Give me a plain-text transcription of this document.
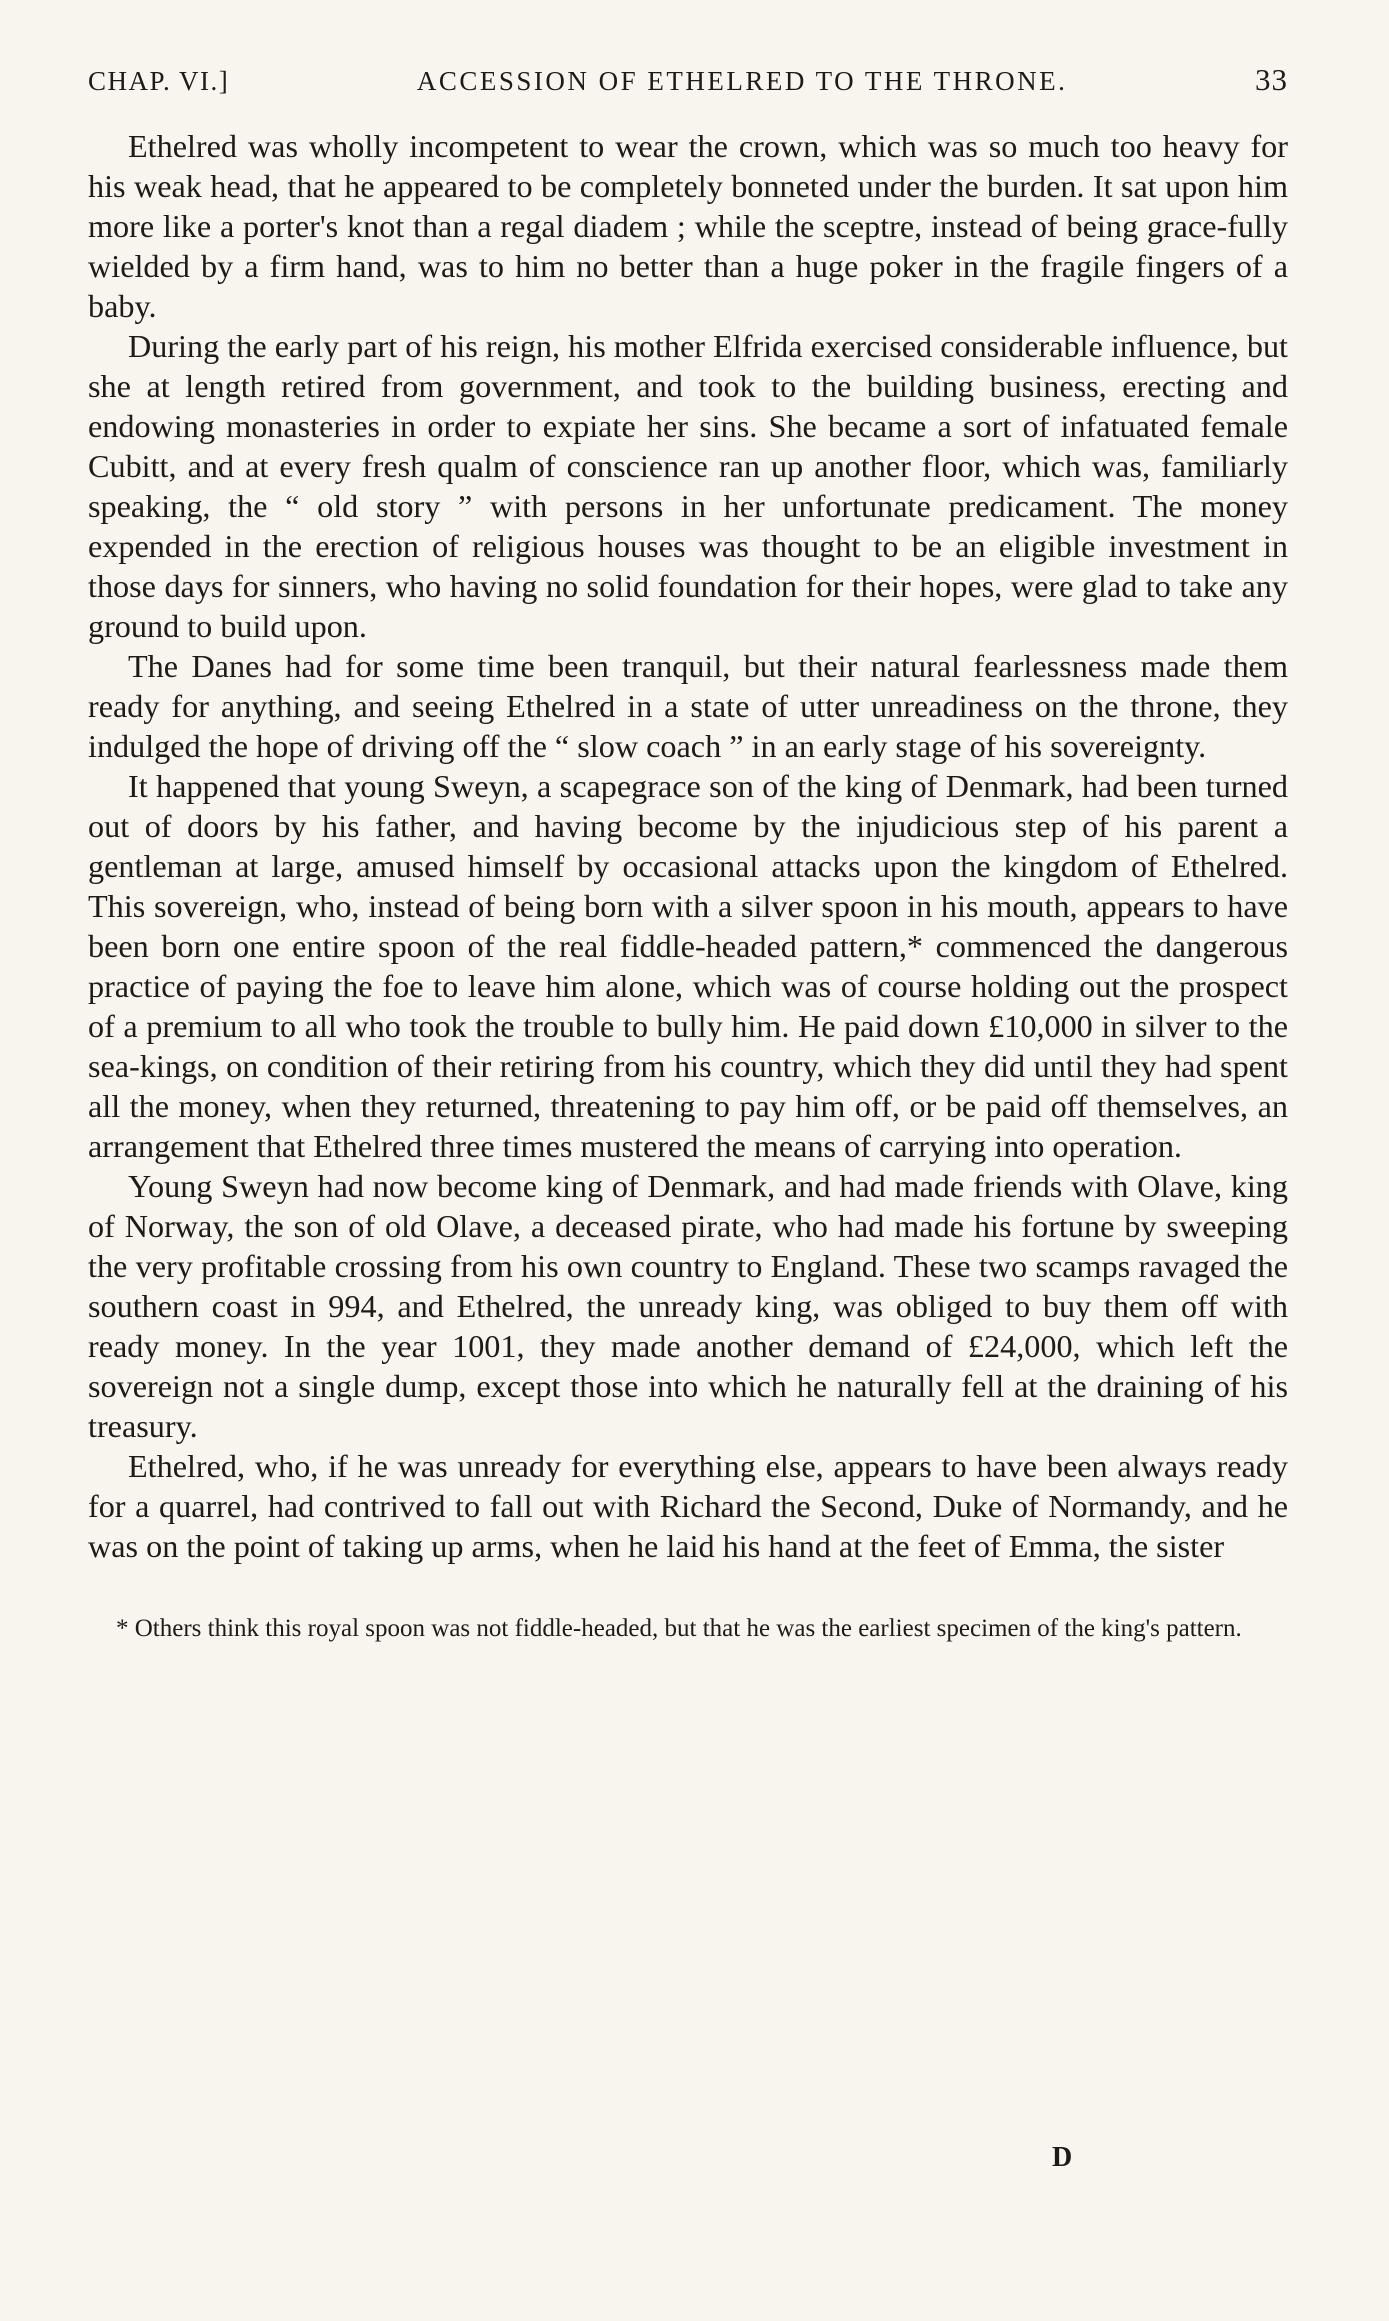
CHAP. VI.]	ACCESSION OF ETHELRED TO THE THRONE.	33

Ethelred was wholly incompetent to wear the crown, which was so much too heavy for his weak head, that he appeared to be completely bonneted under the burden. It sat upon him more like a porter's knot than a regal diadem ; while the sceptre, instead of being grace-fully wielded by a firm hand, was to him no better than a huge poker in the fragile fingers of a baby.

During the early part of his reign, his mother Elfrida exercised considerable influence, but she at length retired from government, and took to the building business, erecting and endowing monasteries in order to expiate her sins. She became a sort of infatuated female Cubitt, and at every fresh qualm of conscience ran up another floor, which was, familiarly speaking, the “ old story ” with persons in her unfortunate predicament. The money expended in the erection of religious houses was thought to be an eligible investment in those days for sinners, who having no solid foundation for their hopes, were glad to take any ground to build upon.

The Danes had for some time been tranquil, but their natural fearlessness made them ready for anything, and seeing Ethelred in a state of utter unreadiness on the throne, they indulged the hope of driving off the “ slow coach ” in an early stage of his sovereignty.

It happened that young Sweyn, a scapegrace son of the king of Denmark, had been turned out of doors by his father, and having become by the injudicious step of his parent a gentleman at large, amused himself by occasional attacks upon the kingdom of Ethelred. This sovereign, who, instead of being born with a silver spoon in his mouth, appears to have been born one entire spoon of the real fiddle-headed pattern,* commenced the dangerous practice of paying the foe to leave him alone, which was of course holding out the prospect of a premium to all who took the trouble to bully him. He paid down £10,000 in silver to the sea-kings, on condition of their retiring from his country, which they did until they had spent all the money, when they returned, threatening to pay him off, or be paid off themselves, an arrangement that Ethelred three times mustered the means of carrying into operation.

Young Sweyn had now become king of Denmark, and had made friends with Olave, king of Norway, the son of old Olave, a deceased pirate, who had made his fortune by sweeping the very profitable crossing from his own country to England. These two scamps ravaged the southern coast in 994, and Ethelred, the unready king, was obliged to buy them off with ready money. In the year 1001, they made another demand of £24,000, which left the sovereign not a single dump, except those into which he naturally fell at the draining of his treasury.

Ethelred, who, if he was unready for everything else, appears to have been always ready for a quarrel, had contrived to fall out with Richard the Second, Duke of Normandy, and he was on the point of taking up arms, when he laid his hand at the feet of Emma, the sister

* Others think this royal spoon was not fiddle-headed, but that he was the earliest specimen of the king's pattern.

D
